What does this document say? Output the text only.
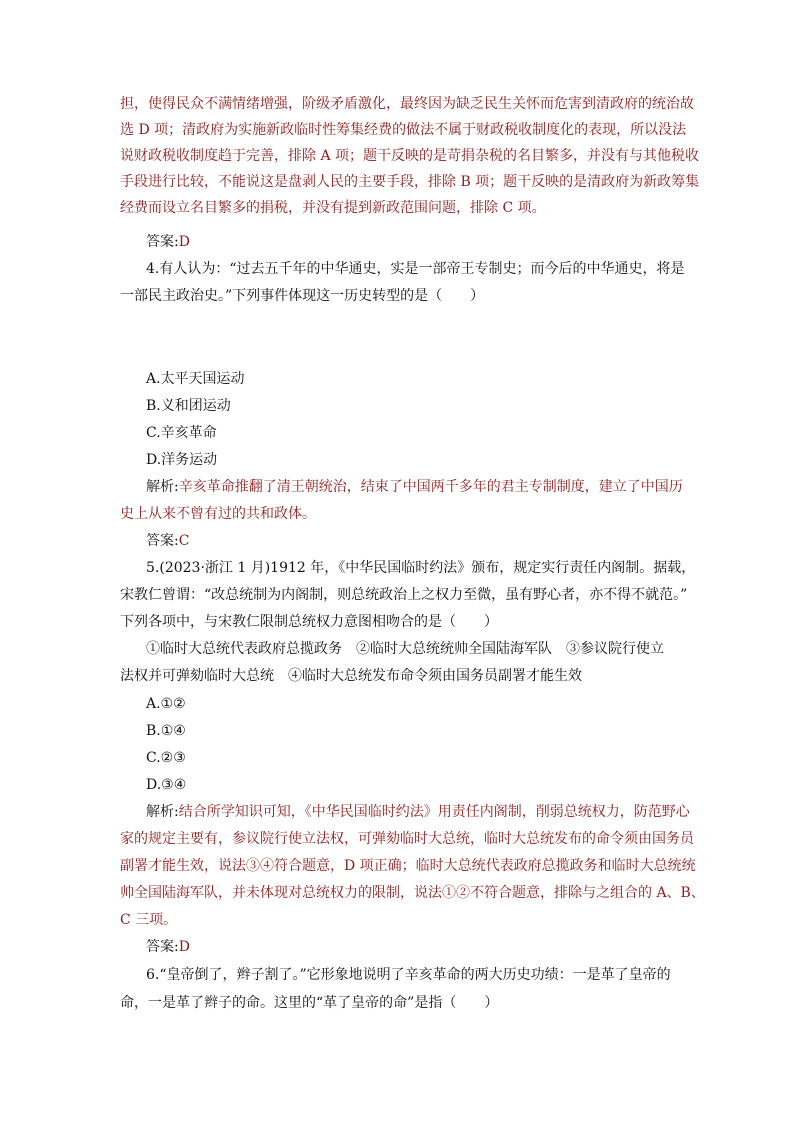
担，使得民众不满情绪增强，阶级矛盾激化，最终因为缺乏民生关怀而危害到清政府的统治故
选 D 项；清政府为实施新政临时性筹集经费的做法不属于财政税收制度化的表现，所以没法
说财政税收制度趋于完善，排除 A 项；题干反映的是苛捐杂税的名目繁多，并没有与其他税收
手段进行比较，不能说这是盘剥人民的主要手段，排除 B 项；题干反映的是清政府为新政筹集
经费而设立名目繁多的捐税，并没有提到新政范围问题，排除 C 项。
答案:D
4.有人认为：“过去五千年的中华通史，实是一部帝王专制史；而今后的中华通史，将是
一部民主政治史。”下列事件体现这一历史转型的是（　　）
A.太平天国运动
B.义和团运动
C.辛亥革命
D.洋务运动
解析:辛亥革命推翻了清王朝统治，结束了中国两千多年的君主专制制度，建立了中国历
史上从来不曾有过的共和政体。
答案:C
5.(2023·浙江 1 月)1912 年，《中华民国临时约法》颁布，规定实行责任内阁制。据载，
宋教仁曾谓：“改总统制为内阁制，则总统政治上之权力至微，虽有野心者，亦不得不就范。”
下列各项中，与宋教仁限制总统权力意图相吻合的是（　　）
①临时大总统代表政府总揽政务　②临时大总统统帅全国陆海军队　③参议院行使立
法权并可弹劾临时大总统　④临时大总统发布命令须由国务员副署才能生效
A.①②
B.①④
C.②③
D.③④
解析:结合所学知识可知，《中华民国临时约法》用责任内阁制，削弱总统权力，防范野心
家的规定主要有，参议院行使立法权，可弹劾临时大总统，临时大总统发布的命令须由国务员
副署才能生效，说法③④符合题意，D 项正确；临时大总统代表政府总揽政务和临时大总统统
帅全国陆海军队，并未体现对总统权力的限制，说法①②不符合题意，排除与之组合的 A、B、
C 三项。
答案:D
6.“皇帝倒了，辫子割了。”它形象地说明了辛亥革命的两大历史功绩：一是革了皇帝的
命，一是革了辫子的命。这里的“革了皇帝的命”是指（　　）
